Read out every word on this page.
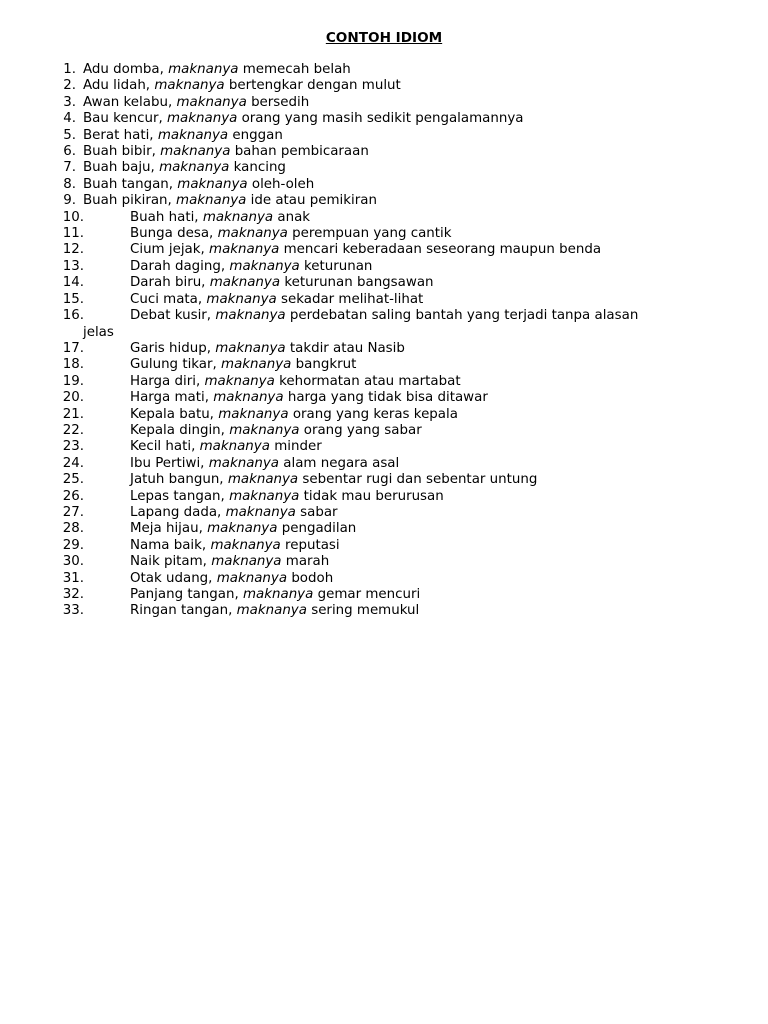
CONTOH IDIOM
1. Adu domba, maknanya memecah belah
2. Adu lidah, maknanya bertengkar dengan mulut
3. Awan kelabu, maknanya bersedih
4. Bau kencur, maknanya orang yang masih sedikit pengalamannya
5. Berat hati, maknanya enggan
6. Buah bibir, maknanya bahan pembicaraan
7. Buah baju, maknanya kancing
8. Buah tangan, maknanya oleh-oleh
9. Buah pikiran, maknanya ide atau pemikiran
10.	Buah hati, maknanya anak
11.	Bunga desa, maknanya perempuan yang cantik
12.	Cium jejak, maknanya mencari keberadaan seseorang maupun benda
13.	Darah daging, maknanya keturunan
14.	Darah biru, maknanya keturunan bangsawan
15.	Cuci mata, maknanya sekadar melihat-lihat
16.	Debat kusir, maknanya perdebatan saling bantah yang terjadi tanpa alasan
jelas
17.	Garis hidup, maknanya takdir atau Nasib
18.	Gulung tikar, maknanya bangkrut
19.	Harga diri, maknanya kehormatan atau martabat
20.	Harga mati, maknanya harga yang tidak bisa ditawar
21.	Kepala batu, maknanya orang yang keras kepala
22.	Kepala dingin, maknanya orang yang sabar
23.	Kecil hati, maknanya minder
24.	Ibu Pertiwi, maknanya alam negara asal
25.	Jatuh bangun, maknanya sebentar rugi dan sebentar untung
26.	Lepas tangan, maknanya tidak mau berurusan
27.	Lapang dada, maknanya sabar
28.	Meja hijau, maknanya pengadilan
29.	Nama baik, maknanya reputasi
30.	Naik pitam, maknanya marah
31.	Otak udang, maknanya bodoh
32.	Panjang tangan, maknanya gemar mencuri
33.	Ringan tangan, maknanya sering memukul
